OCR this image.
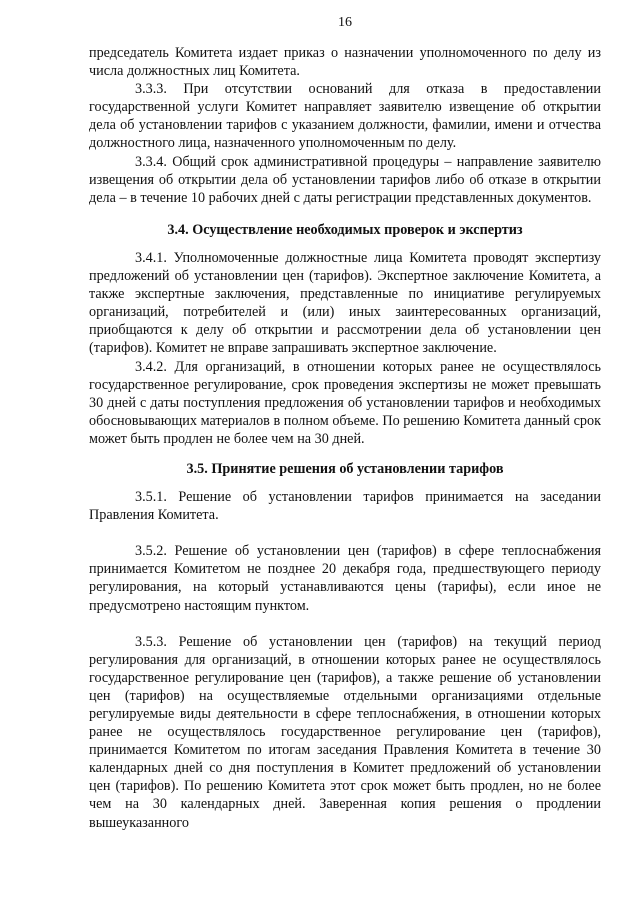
16

председатель Комитета издает приказ о назначении уполномоченного по делу из числа должностных лиц Комитета.

3.3.3. При отсутствии оснований для отказа в предоставлении государственной услуги Комитет направляет заявителю извещение об открытии дела об установлении тарифов с указанием должности, фамилии, имени и отчества должностного лица, назначенного уполномоченным по делу.

3.3.4. Общий срок административной процедуры – направление заявителю извещения об открытии дела об установлении тарифов либо об отказе в открытии дела – в течение 10 рабочих дней с даты регистрации представленных документов.

3.4. Осуществление необходимых проверок и экспертиз

3.4.1. Уполномоченные должностные лица Комитета проводят экспертизу предложений об установлении цен (тарифов). Экспертное заключение Комитета, а также экспертные заключения, представленные по инициативе регулируемых организаций, потребителей и (или) иных заинтересованных организаций, приобщаются к делу об открытии и рассмотрении дела об установлении цен (тарифов). Комитет не вправе запрашивать экспертное заключение.

3.4.2. Для организаций, в отношении которых ранее не осуществлялось государственное регулирование, срок проведения экспертизы не может превышать 30 дней с даты поступления предложения об установлении тарифов и необходимых обосновывающих материалов в полном объеме. По решению Комитета данный срок может быть продлен не более чем на 30 дней.

3.5. Принятие решения об установлении тарифов

3.5.1. Решение об установлении тарифов принимается на заседании Правления Комитета.

3.5.2. Решение об установлении цен (тарифов) в сфере теплоснабжения принимается Комитетом не позднее 20 декабря года, предшествующего периоду регулирования, на который устанавливаются цены (тарифы), если иное не предусмотрено настоящим пунктом.

3.5.3. Решение об установлении цен (тарифов) на текущий период регулирования для организаций, в отношении которых ранее не осуществлялось государственное регулирование цен (тарифов), а также решение об установлении цен (тарифов) на осуществляемые отдельными организациями отдельные регулируемые виды деятельности в сфере теплоснабжения, в отношении которых ранее не осуществлялось государственное регулирование цен (тарифов), принимается Комитетом по итогам заседания Правления Комитета в течение 30 календарных дней со дня поступления в Комитет предложений об установлении цен (тарифов). По решению Комитета этот срок может быть продлен, но не более чем на 30 календарных дней. Заверенная копия решения о продлении вышеуказанного
